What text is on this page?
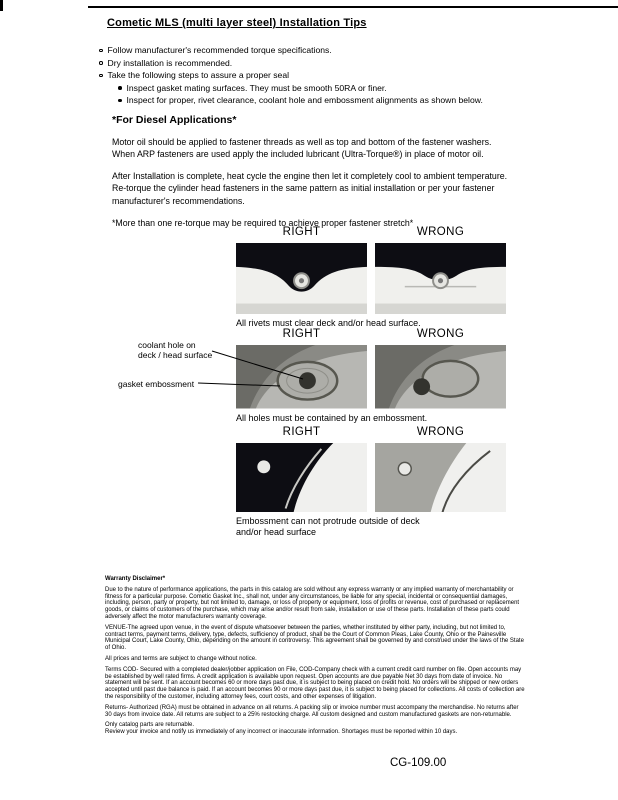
Cometic MLS (multi layer steel) Installation Tips
Follow manufacturer's recommended torque specifications.
Dry installation is recommended.
Take the following steps to assure a proper seal
Inspect gasket mating surfaces. They must be smooth 50RA or finer.
Inspect for proper, rivet clearance, coolant hole and embossment alignments as shown below.
*For Diesel Applications*

Motor oil should be applied to fastener threads as well as top and bottom of the fastener washers. When ARP fasteners are used apply the included lubricant (Ultra-Torque®) in place of motor oil.

After Installation is complete, heat cycle the engine then let it completely cool to ambient temperature. Re-torque the cylinder head fasteners in the same pattern as initial installation or per your fastener manufacturer's recommendations.

*More than one re-torque may be required to achieve proper fastener stretch*

RIGHT	WRONG
All rivets must clear deck and/or head surface.
RIGHT	WRONG
All holes must be contained by an embossment.
coolant hole on
deck / head surface
gasket embossment
RIGHT	WRONG
Embossment can not protrude outside of deck and/or head surface

Warranty Disclaimer*

Due to the nature of performance applications, the parts in this catalog are sold without any express warranty or any implied warranty of merchantability or fitness for a particular purpose. Cometic Gasket Inc., shall not, under any circumstances, be liable for any special, incidental or consequential damages, including, person, party or property, but not limited to, damage, or loss of property or equipment, loss of profits or revenue, cost of purchased or replacement goods, or claims of customers of the purchase, which may arise and/or result from sale, installation or use of these parts. Installation of these parts could adversely affect the motor manufacturers warranty coverage.

VENUE-The agreed upon venue, in the event of dispute whatsoever between the parties, whether instituted by either party, including, but not limited to, contract terms, payment terms, delivery, type, defects, sufficiency of product, shall be the Court of Common Pleas, Lake County, Ohio or the Painesville Municipal Court, Lake County, Ohio, depending on the amount in controversy. This agreement shall be governed by and construed under the laws of the State of Ohio.

All prices and terms are subject to change without notice.

Terms COD- Secured with a completed dealer/jobber application on File, COD-Company check with a current credit card number on file. Open accounts may be established by well rated firms. A credit application is available upon request. Open accounts are due payable Net 30 days from date of invoice. No statement will be sent. If an account becomes 60 or more days past due, it is subject to being placed on credit hold. No orders will be shipped or new orders accepted until past due balance is paid. If an account becomes 90 or more days past due, it is subject to being placed for collections. All costs of collection are the responsibility of the customer, including attorney fees, court costs, and other expenses of litigation.

Returns- Authorized (RGA) must be obtained in advance on all returns. A packing slip or invoice number must accompany the merchandise. No returns after 30 days from invoice date. All returns are subject to a 25% restocking charge. All custom designed and custom manufactured gaskets are non-returnable.

Only catalog parts are returnable.

Review your invoice and notify us immediately of any incorrect or inaccurate information. Shortages must be reported within 10 days.

CG-109.00
